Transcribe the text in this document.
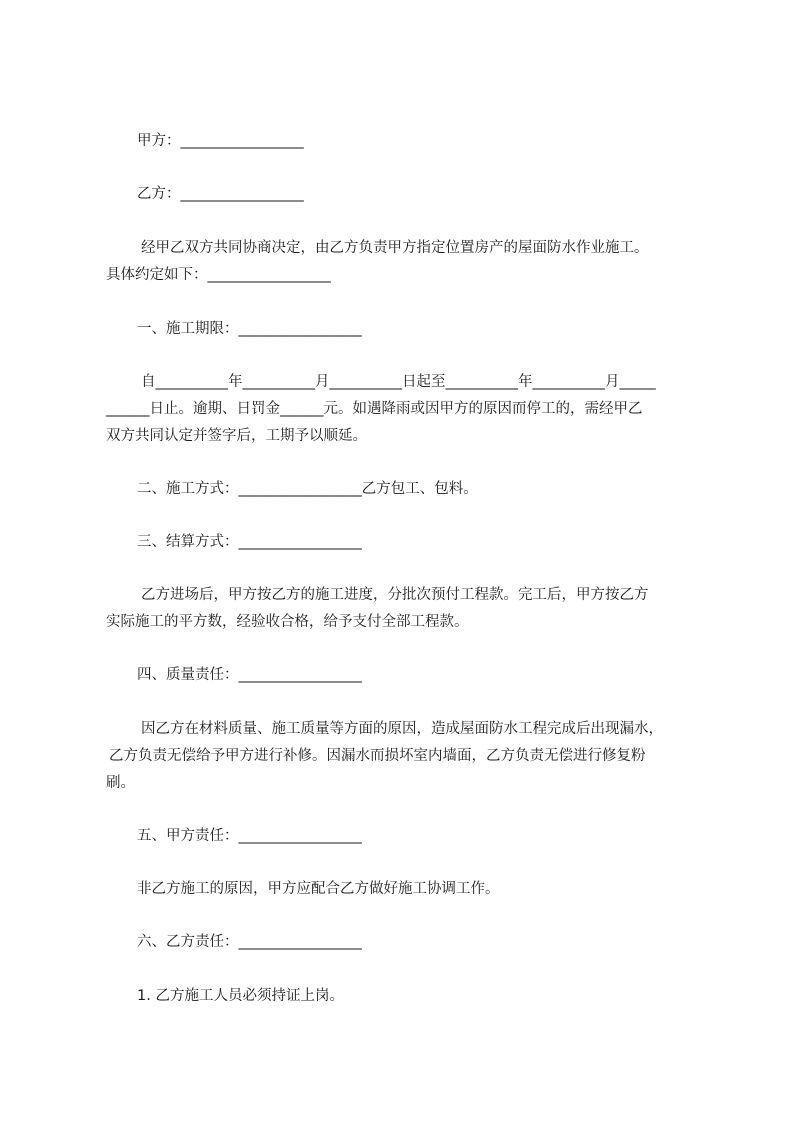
甲方：_________________
乙方：_________________
经甲乙双方共同协商决定，由乙方负责甲方指定位置房产的屋面防水作业施工。
具体约定如下：_________________
一、施工期限：_________________
自__________年__________月__________日起至__________年__________月_____
______日止。逾期、日罚金______元。如遇降雨或因甲方的原因而停工的，需经甲乙
双方共同认定并签字后，工期予以顺延。
二、施工方式：_________________乙方包工、包料。
三、结算方式：_________________
乙方进场后，甲方按乙方的施工进度，分批次预付工程款。完工后，甲方按乙方
实际施工的平方数，经验收合格，给予支付全部工程款。
四、质量责任：_________________
因乙方在材料质量、施工质量等方面的原因，造成屋面防水工程完成后出现漏水，
乙方负责无偿给予甲方进行补修。因漏水而损坏室内墙面，乙方负责无偿进行修复粉
刷。
五、甲方责任：_________________
非乙方施工的原因，甲方应配合乙方做好施工协调工作。
六、乙方责任：_________________
1. 乙方施工人员必须持证上岗。
